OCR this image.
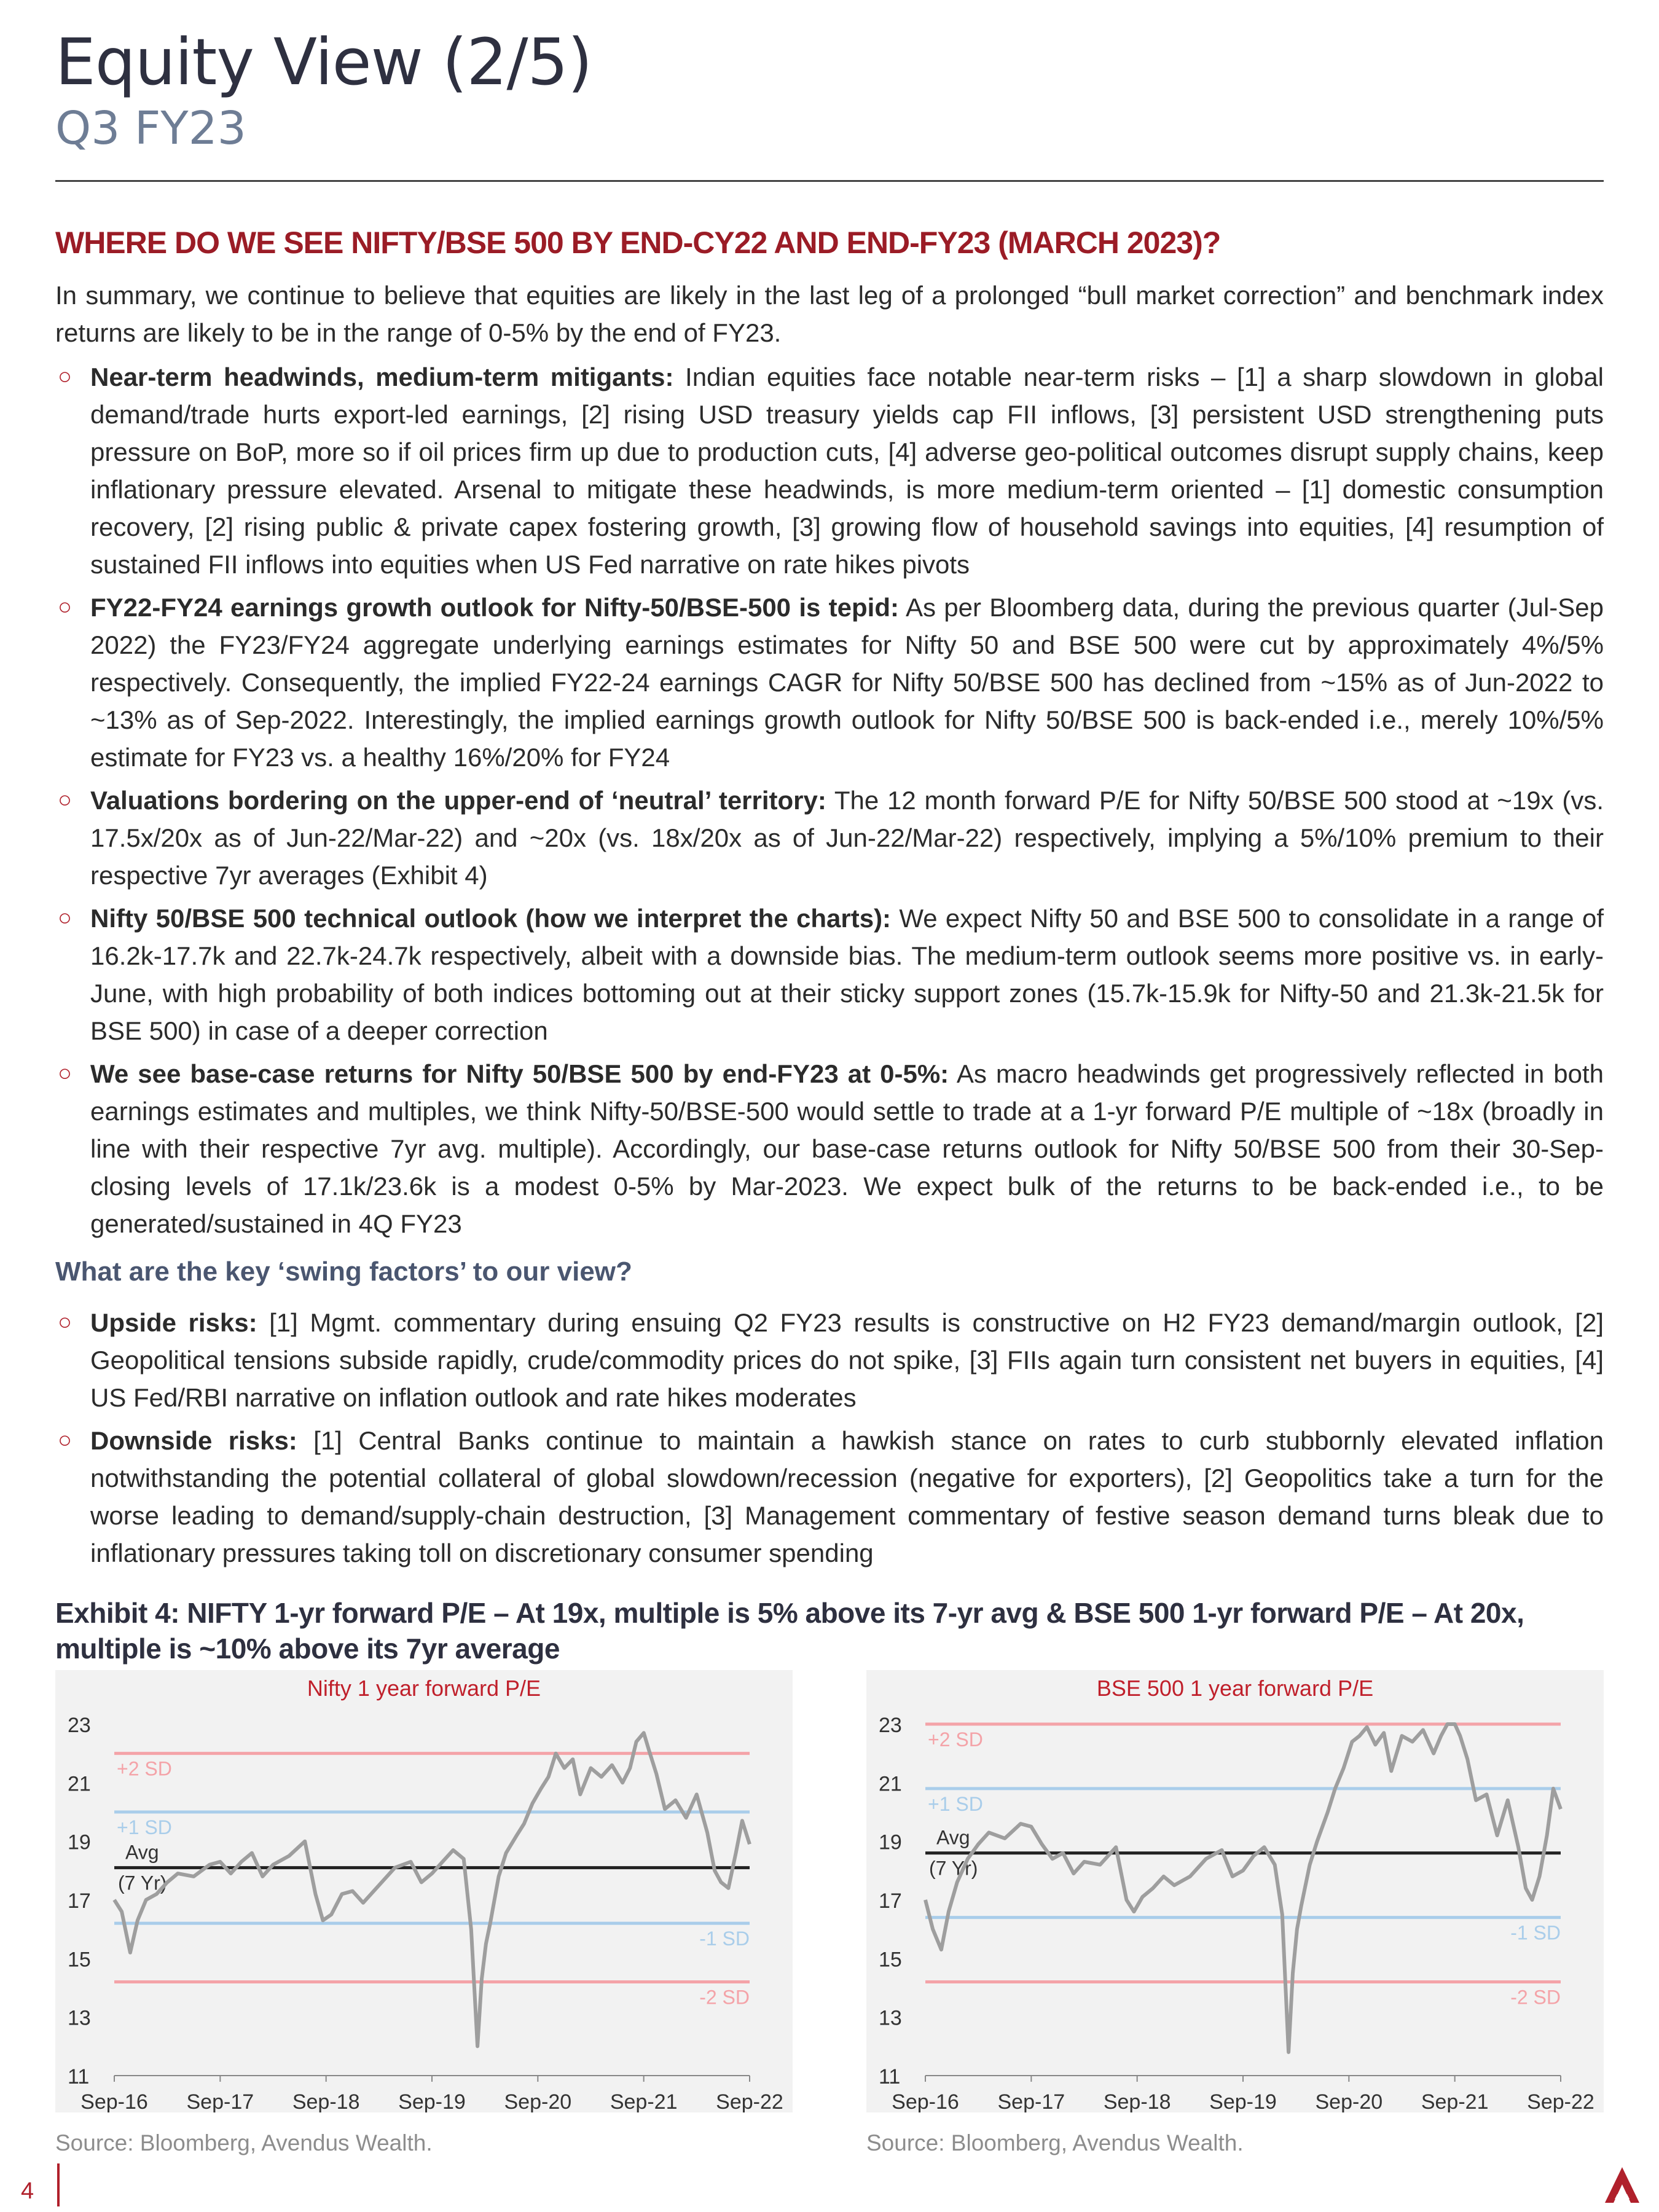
Equity View (2/5)
Q3 FY23
WHERE DO WE SEE NIFTY/BSE 500 BY END-CY22 AND END-FY23 (MARCH 2023)?
In summary, we continue to believe that equities are likely in the last leg of a prolonged “bull market correction” and benchmark index returns are likely to be in the range of 0-5% by the end of FY23.
○ Near-term headwinds, medium-term mitigants: Indian equities face notable near-term risks – [1] a sharp slowdown in global demand/trade hurts export-led earnings, [2] rising USD treasury yields cap FII inflows, [3] persistent USD strengthening puts pressure on BoP, more so if oil prices firm up due to production cuts, [4] adverse geo-political outcomes disrupt supply chains, keep inflationary pressure elevated. Arsenal to mitigate these headwinds, is more medium-term oriented – [1] domestic consumption recovery, [2] rising public & private capex fostering growth, [3] growing flow of household savings into equities, [4] resumption of sustained FII inflows into equities when US Fed narrative on rate hikes pivots
○ FY22-FY24 earnings growth outlook for Nifty-50/BSE-500 is tepid: As per Bloomberg data, during the previous quarter (Jul-Sep 2022) the FY23/FY24 aggregate underlying earnings estimates for Nifty 50 and BSE 500 were cut by approximately 4%/5% respectively. Consequently, the implied FY22-24 earnings CAGR for Nifty 50/BSE 500 has declined from ~15% as of Jun-2022 to ~13% as of Sep-2022. Interestingly, the implied earnings growth outlook for Nifty 50/BSE 500 is back-ended i.e., merely 10%/5% estimate for FY23 vs. a healthy 16%/20% for FY24
○ Valuations bordering on the upper-end of ‘neutral’ territory: The 12 month forward P/E for Nifty 50/BSE 500 stood at ~19x (vs. 17.5x/20x as of Jun-22/Mar-22) and ~20x (vs. 18x/20x as of Jun-22/Mar-22) respectively, implying a 5%/10% premium to their respective 7yr averages (Exhibit 4)
○ Nifty 50/BSE 500 technical outlook (how we interpret the charts): We expect Nifty 50 and BSE 500 to consolidate in a range of 16.2k-17.7k and 22.7k-24.7k respectively, albeit with a downside bias. The medium-term outlook seems more positive vs. in early-June, with high probability of both indices bottoming out at their sticky support zones (15.7k-15.9k for Nifty-50 and 21.3k-21.5k for BSE 500) in case of a deeper correction
○ We see base-case returns for Nifty 50/BSE 500 by end-FY23 at 0-5%: As macro headwinds get progressively reflected in both earnings estimates and multiples, we think Nifty-50/BSE-500 would settle to trade at a 1-yr forward P/E multiple of ~18x (broadly in line with their respective 7yr avg. multiple). Accordingly, our base-case returns outlook for Nifty 50/BSE 500 from their 30-Sep-closing levels of 17.1k/23.6k is a modest 0-5% by Mar-2023. We expect bulk of the returns to be back-ended i.e., to be generated/sustained in 4Q FY23
What are the key ‘swing factors’ to our view?
○ Upside risks: [1] Mgmt. commentary during ensuing Q2 FY23 results is constructive on H2 FY23 demand/margin outlook, [2] Geopolitical tensions subside rapidly, crude/commodity prices do not spike, [3] FIIs again turn consistent net buyers in equities, [4] US Fed/RBI narrative on inflation outlook and rate hikes moderates
○ Downside risks: [1] Central Banks continue to maintain a hawkish stance on rates to curb stubbornly elevated inflation notwithstanding the potential collateral of global slowdown/recession (negative for exporters), [2] Geopolitics take a turn for the worse leading to demand/supply-chain destruction, [3] Management commentary of festive season demand turns bleak due to inflationary pressures taking toll on discretionary consumer spending
Exhibit 4: NIFTY 1-yr forward P/E – At 19x, multiple is 5% above its 7-yr avg & BSE 500 1-yr forward P/E – At 20x, multiple is ~10% above its 7yr average
Nifty 1 year forward P/E
11
13
15
17
19
21
23
Sep-16 Sep-17 Sep-18 Sep-19 Sep-20 Sep-21 Sep-22
+2 SD
+1 SD
Avg
(7 Yr)
-1 SD
-2 SD
BSE 500 1 year forward P/E
11
13
15
17
19
21
23
Sep-16 Sep-17 Sep-18 Sep-19 Sep-20 Sep-21 Sep-22
+2 SD
+1 SD
Avg
(7 Yr)
-1 SD
-2 SD
Source: Bloomberg, Avendus Wealth.	Source: Bloomberg, Avendus Wealth.
4
